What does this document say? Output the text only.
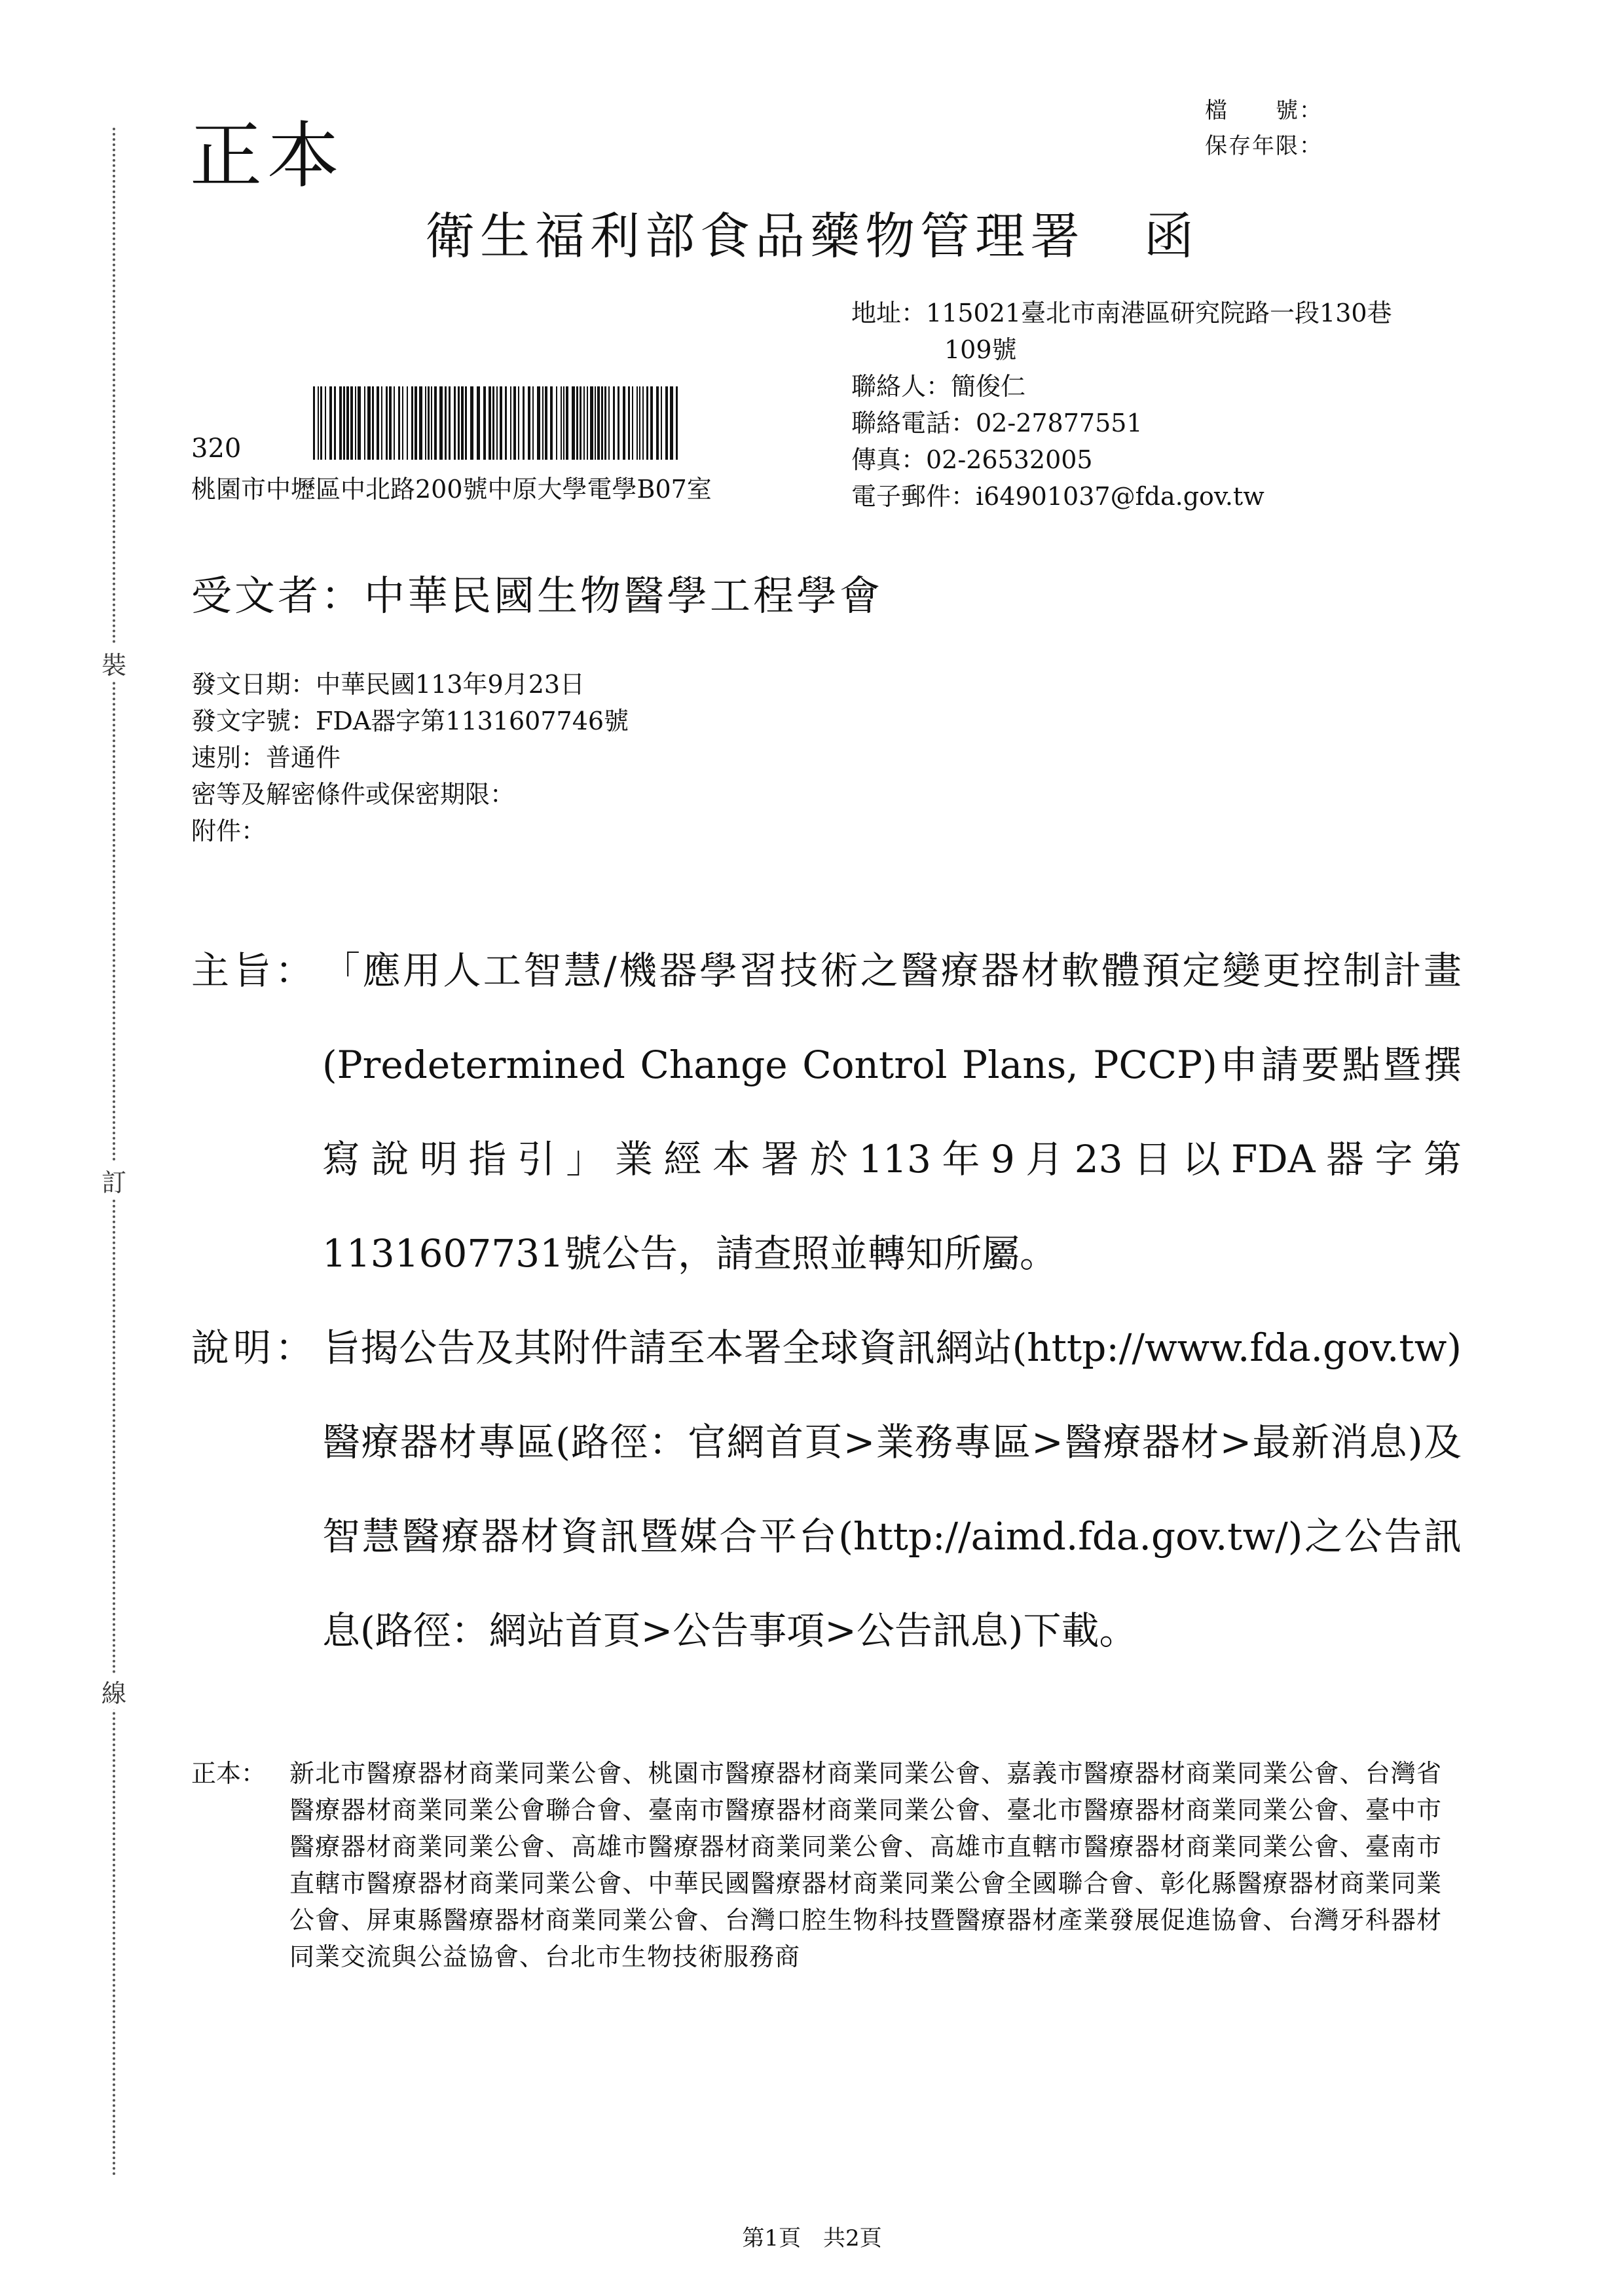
裝
訂
線
正本
檔　　號：
保存年限：
衛生福利部食品藥物管理署 函
地址：115021臺北市南港區研究院路一段130巷
109號
聯絡人：簡俊仁
聯絡電話：02-27877551
傳真：02-26532005
電子郵件：i64901037@fda.gov.tw
320
桃園市中壢區中北路200號中原大學電學B07室
受文者：中華民國生物醫學工程學會
發文日期：中華民國113年9月23日
發文字號：FDA器字第1131607746號
速別：普通件
密等及解密條件或保密期限：
附件：
主旨： 「應用人工智慧/機器學習技術之醫療器材軟體預定變更控制計畫(Predetermined Change Control Plans, PCCP)申請要點暨撰寫說明指引」業經本署於113年9月23日以FDA器字第1131607731號公告，請查照並轉知所屬。
說明： 旨揭公告及其附件請至本署全球資訊網站(http://www.fda.gov.tw)醫療器材專區(路徑：官網首頁>業務專區>醫療器材>最新消息)及智慧醫療器材資訊暨媒合平台(http://aimd.fda.gov.tw/)之公告訊息(路徑：網站首頁>公告事項>公告訊息)下載。
正本： 新北市醫療器材商業同業公會、桃園市醫療器材商業同業公會、嘉義市醫療器材商業同業公會、台灣省醫療器材商業同業公會聯合會、臺南市醫療器材商業同業公會、臺北市醫療器材商業同業公會、臺中市醫療器材商業同業公會、高雄市醫療器材商業同業公會、高雄市直轄市醫療器材商業同業公會、臺南市直轄市醫療器材商業同業公會、中華民國醫療器材商業同業公會全國聯合會、彰化縣醫療器材商業同業公會、屏東縣醫療器材商業同業公會、台灣口腔生物科技暨醫療器材產業發展促進協會、台灣牙科器材同業交流與公益協會、台北市生物技術服務商
第1頁　共2頁
